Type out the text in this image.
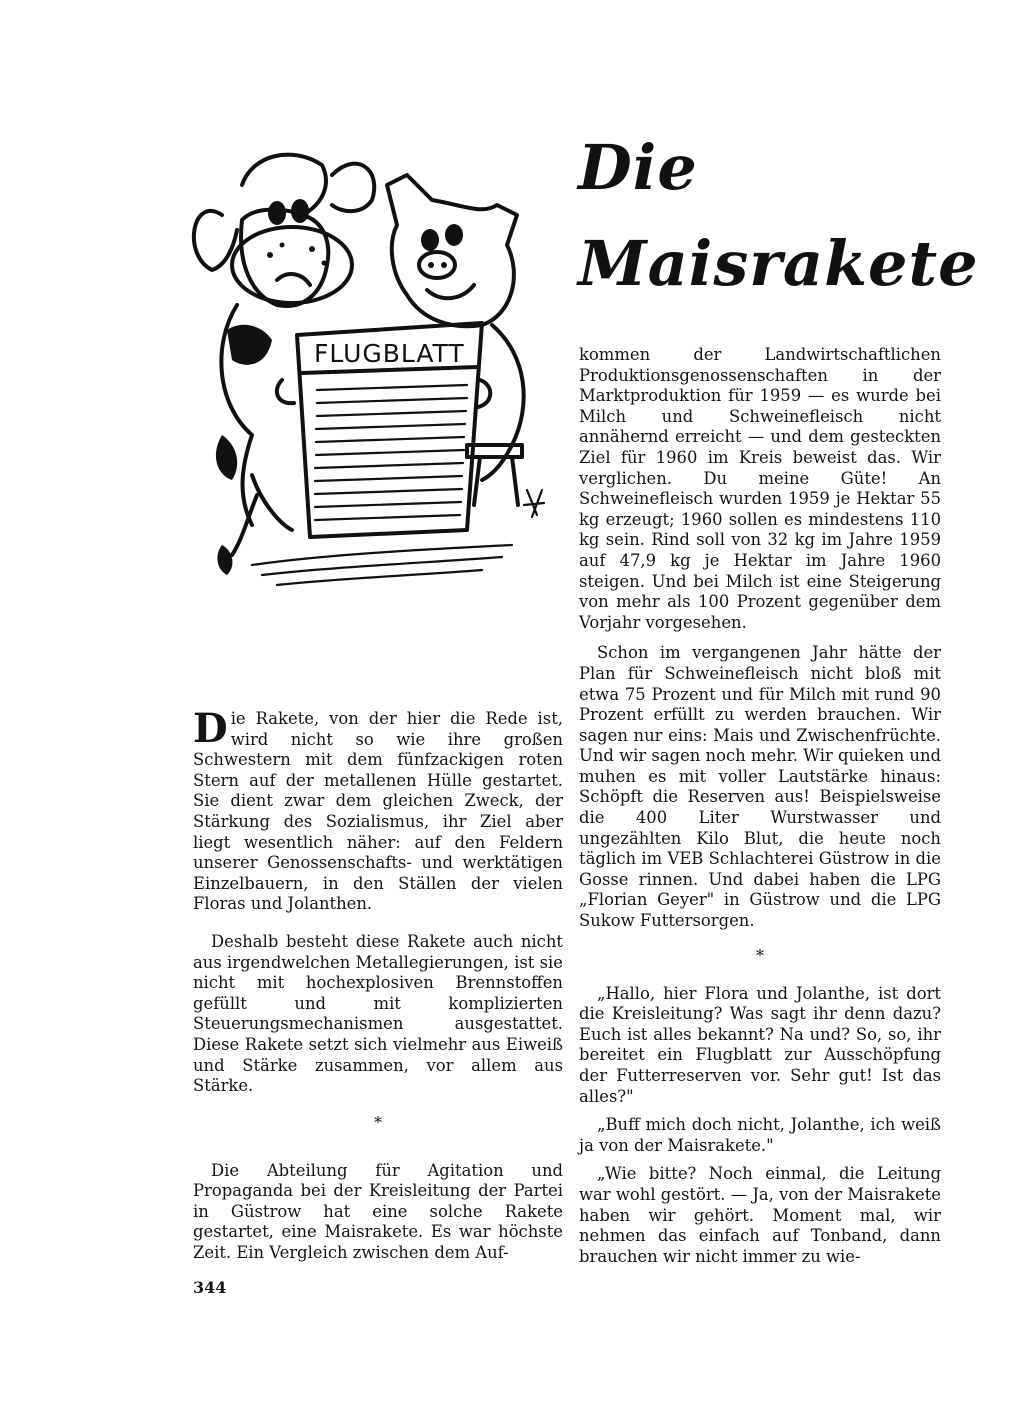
FLUGBLATT
Die
Maisrakete

Die Rakete, von der hier die Rede ist, wird nicht so wie ihre großen Schwestern mit dem fünfzackigen roten Stern auf der metallenen Hülle gestartet. Sie dient zwar dem gleichen Zweck, der Stärkung des Sozialismus, ihr Ziel aber liegt wesentlich näher: auf den Feldern unserer Genossenschafts- und werktätigen Einzelbauern, in den Ställen der vielen Floras und Jolanthen.

Deshalb besteht diese Rakete auch nicht aus irgendwelchen Metallegierungen, ist sie nicht mit hochexplosiven Brennstoffen gefüllt und mit komplizierten Steuerungsmechanismen ausgestattet. Diese Rakete setzt sich vielmehr aus Eiweiß und Stärke zusammen, vor allem aus Stärke.

*

Die Abteilung für Agitation und Propaganda bei der Kreisleitung der Partei in Güstrow hat eine solche Rakete gestartet, eine Maisrakete. Es war höchste Zeit. Ein Vergleich zwischen dem Auf-

kommen der Landwirtschaftlichen Produktionsgenossenschaften in der Marktproduktion für 1959 — es wurde bei Milch und Schweinefleisch nicht annähernd erreicht — und dem gesteckten Ziel für 1960 im Kreis beweist das. Wir verglichen. Du meine Güte! An Schweinefleisch wurden 1959 je Hektar 55 kg erzeugt; 1960 sollen es mindestens 110 kg sein. Rind soll von 32 kg im Jahre 1959 auf 47,9 kg je Hektar im Jahre 1960 steigen. Und bei Milch ist eine Steigerung von mehr als 100 Prozent gegenüber dem Vorjahr vorgesehen.

Schon im vergangenen Jahr hätte der Plan für Schweinefleisch nicht bloß mit etwa 75 Prozent und für Milch mit rund 90 Prozent erfüllt zu werden brauchen. Wir sagen nur eins: Mais und Zwischenfrüchte. Und wir sagen noch mehr. Wir quieken und muhen es mit voller Lautstärke hinaus: Schöpft die Reserven aus! Beispielsweise die 400 Liter Wurstwasser und ungezählten Kilo Blut, die heute noch täglich im VEB Schlachterei Güstrow in die Gosse rinnen. Und dabei haben die LPG „Florian Geyer" in Güstrow und die LPG Sukow Futtersorgen.

*

„Hallo, hier Flora und Jolanthe, ist dort die Kreisleitung? Was sagt ihr denn dazu? Euch ist alles bekannt? Na und? So, so, ihr bereitet ein Flugblatt zur Ausschöpfung der Futterreserven vor. Sehr gut! Ist das alles?"

„Buff mich doch nicht, Jolanthe, ich weiß ja von der Maisrakete."

„Wie bitte? Noch einmal, die Leitung war wohl gestört. — Ja, von der Maisrakete haben wir gehört. Moment mal, wir nehmen das einfach auf Tonband, dann brauchen wir nicht immer zu wie-

344
